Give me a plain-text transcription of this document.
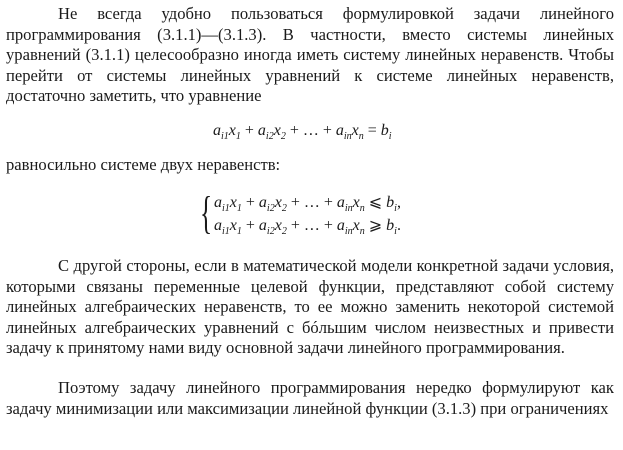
Не всегда удобно пользоваться формулировкой задачи линейного программирования (3.1.1)—(3.1.3). В частности, вместо системы линейных уравнений (3.1.1) целесообразно иногда иметь систему линейных неравенств. Чтобы перейти от системы линейных уравнений к системе линейных неравенств, достаточно заметить, что уравнение

$a_{i1}x_1 + a_{i2}x_2$ + … + $a_{in}x_n = b_i$

равносильно системе двух неравенств:

{ $a_{i1}x_1 + a_{i2}x_2$ + … + $a_{in}x_n$ ⩽ $b_i$,
$a_{i1}x_1 + a_{i2}x_2$ + … + $a_{in}x_n$ ⩾ $b_i$.

С другой стороны, если в математической модели конкретной задачи условия, которыми связаны переменные целевой функции, представляют собой систему линейных алгебраических неравенств, то ее можно заменить некоторой системой линейных алгебраических уравнений с бóльшим числом неизвестных и привести задачу к принятому нами виду основной задачи линейного программирования.

Поэтому задачу линейного программирования нередко формулируют как задачу минимизации или максимизации линейной функции (3.1.3) при ограничениях
